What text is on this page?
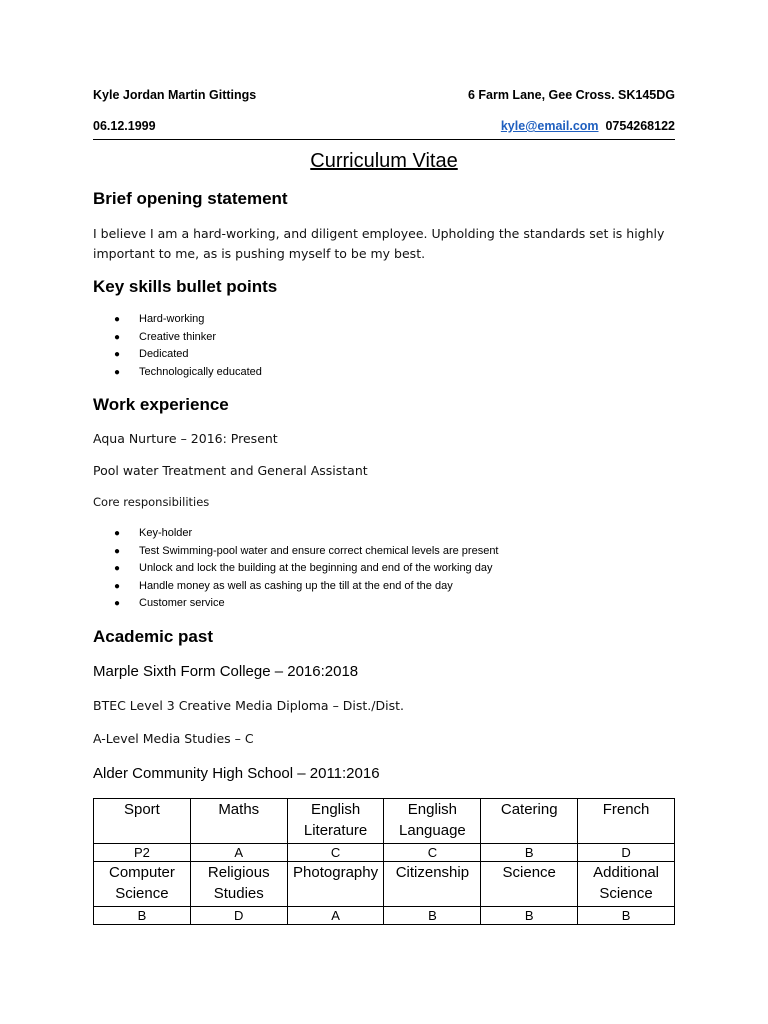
Kyle Jordan Martin Gittings	6 Farm Lane, Gee Cross. SK145DG
06.12.1999	kyle@email.com 0754268122
Curriculum Vitae
Brief opening statement
I believe I am a hard-working, and diligent employee. Upholding the standards set is highly
important to me, as is pushing myself to be my best.
Key skills bullet points
● Hard-working
● Creative thinker
● Dedicated
● Technologically educated
Work experience
Aqua Nurture – 2016: Present
Pool water Treatment and General Assistant
Core responsibilities
● Key-holder
● Test Swimming-pool water and ensure correct chemical levels are present
● Unlock and lock the building at the beginning and end of the working day
● Handle money as well as cashing up the till at the end of the day
● Customer service
Academic past
Marple Sixth Form College – 2016:2018
BTEC Level 3 Creative Media Diploma – Dist./Dist.
A-Level Media Studies – C
Alder Community High School – 2011:2016
Sport	Maths	English Literature	English Language	Catering	French
P2	A	C	C	B	D
Computer Science	Religious Studies	Photography	Citizenship	Science	Additional Science
B	D	A	B	B	B
